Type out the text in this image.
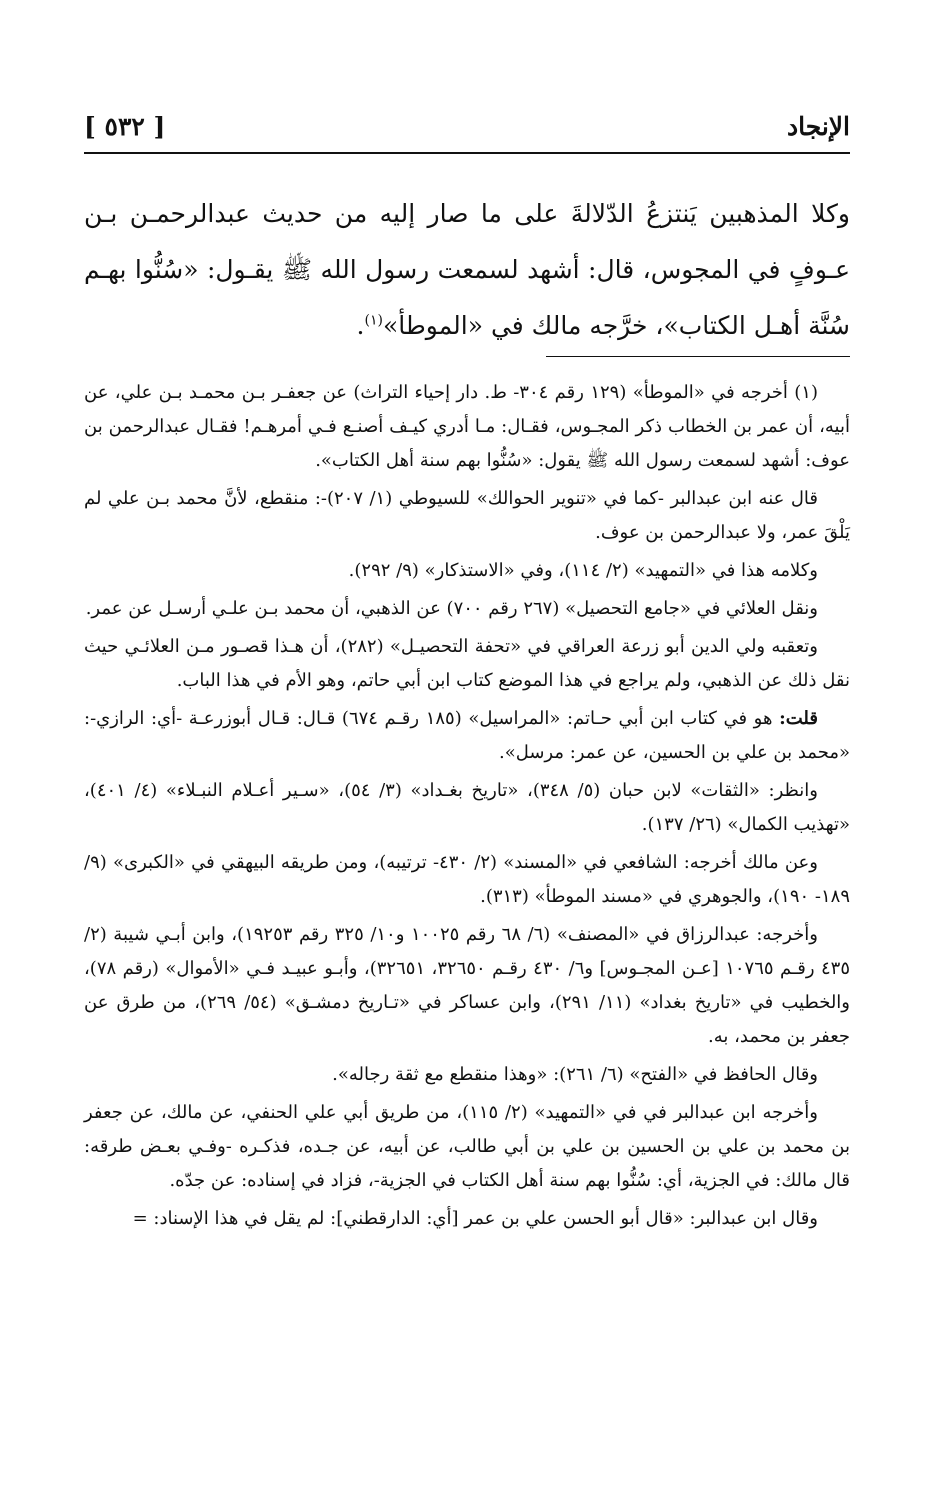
الإنجاد
[ ٥٣٢ ]

وكلا المذهبين يَنتزعُ الدّلالةَ على ما صار إليه من حديث عبدالرحمـن بـن عـوفٍ في المجوس، قال: أشهد لسمعت رسول الله ﷺ يقـول: «سُنُّوا بهـم سُنَّة أهـل الكتاب»، خرَّجه مالك في «الموطأ»$^{(١)}$.

(١) أخرجه في «الموطأ» (١٢٩ رقم ٣٠٤- ط. دار إحياء التراث) عن جعفـر بـن محمـد بـن علي، عن أبيه، أن عمر بن الخطاب ذكر المجـوس، فقـال: مـا أدري كيـف أصنـع فـي أمرهـم! فقـال عبدالرحمن بن عوف: أشهد لسمعت رسول الله ﷺ يقول: «سُنُّوا بهم سنة أهل الكتاب».

قال عنه ابن عبدالبر -كما في «تنوير الحوالك» للسيوطي (١/ ٢٠٧)-: منقطع، لأنَّ محمد بـن علي لم يَلْقَ عمر، ولا عبدالرحمن بن عوف.

وكلامه هذا في «التمهيد» (٢/ ١١٤)، وفي «الاستذكار» (٩/ ٢٩٢).

ونقل العلائي في «جامع التحصيل» (٢٦٧ رقم ٧٠٠) عن الذهبي، أن محمد بـن علـي أرسـل عن عمر.

وتعقبه ولي الدين أبو زرعة العراقي في «تحفة التحصيـل» (٢٨٢)، أن هـذا قصـور مـن العلائـي حيث نقل ذلك عن الذهبي، ولم يراجع في هذا الموضع كتاب ابن أبي حاتم، وهو الأم في هذا الباب.

قلت: هو في كتاب ابن أبي حـاتم: «المراسيل» (١٨٥ رقـم ٦٧٤) قـال: قـال أبوزرعـة -أي: الرازي-: «محمد بن علي بن الحسين، عن عمر: مرسل».

وانظر: «الثقات» لابن حبان (٥/ ٣٤٨)، «تاريخ بغـداد» (٣/ ٥٤)، «سـير أعـلام النبـلاء» (٤/ ٤٠١)، «تهذيب الكمال» (٢٦/ ١٣٧).

وعن مالك أخرجه: الشافعي في «المسند» (٢/ ٤٣٠- ترتيبه)، ومن طريقه البيهقي في «الكبرى» (٩/ ١٨٩- ١٩٠)، والجوهري في «مسند الموطأ» (٣١٣).

وأخرجه: عبدالرزاق في «المصنف» (٦/ ٦٨ رقم ١٠٠٢٥ و١٠/ ٣٢٥ رقم ١٩٢٥٣)، وابن أبـي شيبة (٢/ ٤٣٥ رقـم ١٠٧٦٥ [عـن المجـوس] و٦/ ٤٣٠ رقـم ٣٢٦٥٠، ٣٢٦٥١)، وأبـو عبيـد فـي «الأموال» (رقم ٧٨)، والخطيب في «تاريخ بغداد» (١١/ ٢٩١)، وابن عساكر في «تـاريخ دمشـق» (٥٤/ ٢٦٩)، من طرق عن جعفر بن محمد، به.

وقال الحافظ في «الفتح» (٦/ ٢٦١): «وهذا منقطع مع ثقة رجاله».

وأخرجه ابن عبدالبر في في «التمهيد» (٢/ ١١٥)، من طريق أبي علي الحنفي، عن مالك، عن جعفر بن محمد بن علي بن الحسين بن علي بن أبي طالب، عن أبيه، عن جـده، فذكـره -وفـي بعـض طرقه: قال مالك: في الجزية، أي: سُنُّوا بهم سنة أهل الكتاب في الجزية-، فزاد في إسناده: عن جدّه.

وقال ابن عبدالبر: «قال أبو الحسن علي بن عمر [أي: الدارقطني]: لم يقل في هذا الإسناد: =
